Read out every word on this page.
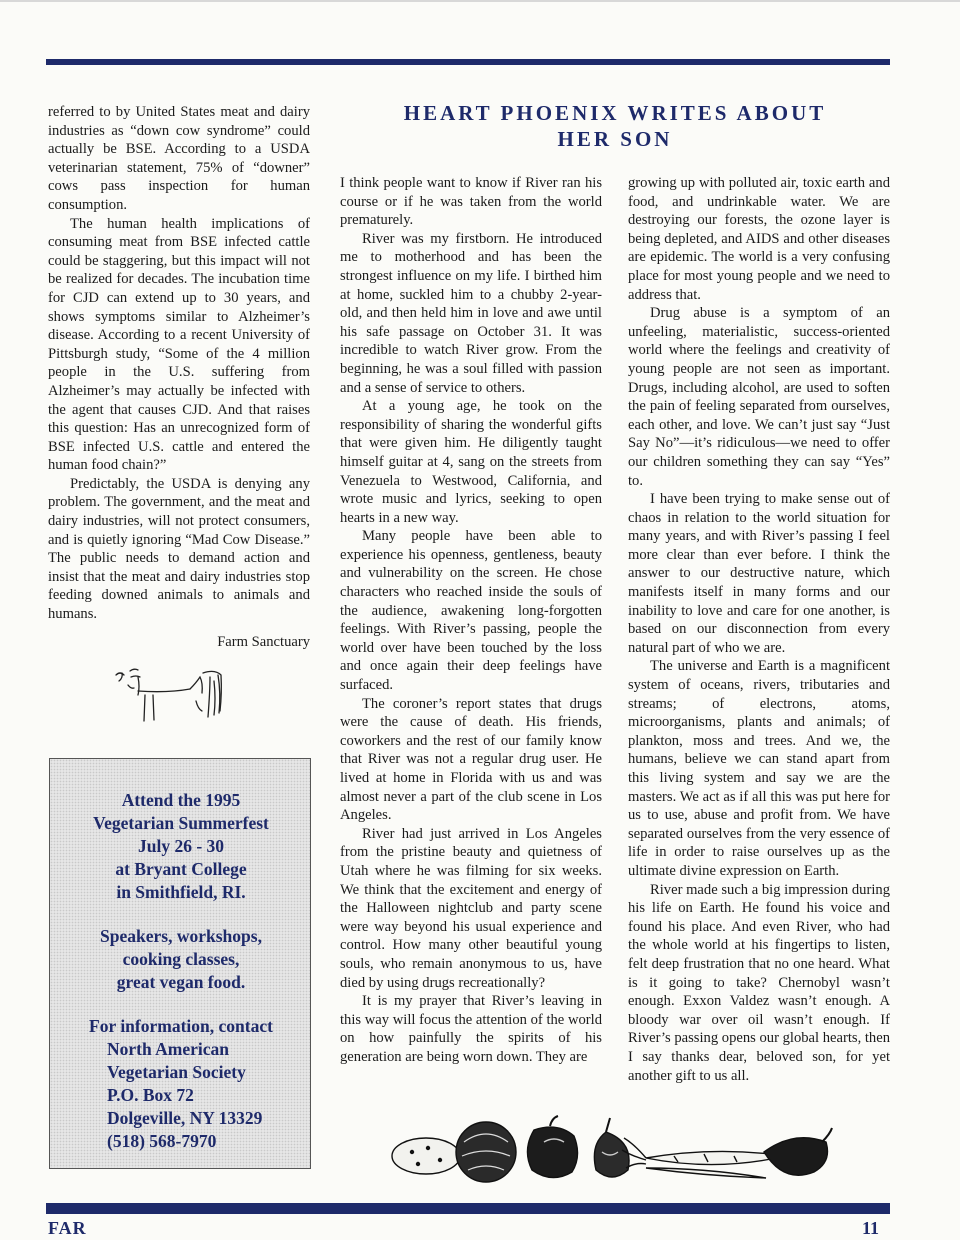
referred to by United States meat and dairy industries as “down cow syndrome” could actually be BSE. According to a USDA veterinarian statement, 75% of “downer” cows pass inspection for human consumption.

The human health implications of consuming meat from BSE infected cattle could be staggering, but this impact will not be realized for decades. The incubation time for CJD can extend up to 30 years, and shows symptoms similar to Alzheimer’s disease. According to a recent University of Pittsburgh study, “Some of the 4 million people in the U.S. suffering from Alzheimer’s may actually be infected with the agent that causes CJD. And that raises this question: Has an unrecognized form of BSE infected U.S. cattle and entered the human food chain?”

Predictably, the USDA is denying any problem. The government, and the meat and dairy industries, will not protect consumers, and is quietly ignoring “Mad Cow Disease.” The public needs to demand action and insist that the meat and dairy industries stop feeding downed animals to animals and humans.

Farm Sanctuary
Attend the 1995
Vegetarian Summerfest
July 26 - 30
at Bryant College
in Smithfield, RI.
Speakers, workshops,
cooking classes,
great vegan food.
For information, contact
North American
Vegetarian Society
P.O. Box 72
Dolgeville, NY 13329
(518) 568-7970
HEART PHOENIX WRITES ABOUT
HER SON

I think people want to know if River ran his course or if he was taken from the world prematurely.

River was my firstborn. He introduced me to motherhood and has been the strongest influence on my life. I birthed him at home, suckled him to a chubby 2-year-old, and then held him in love and awe until his safe passage on October 31. It was incredible to watch River grow. From the beginning, he was a soul filled with passion and a sense of service to others.

At a young age, he took on the responsibility of sharing the wonderful gifts that were given him. He diligently taught himself guitar at 4, sang on the streets from Venezuela to Westwood, California, and wrote music and lyrics, seeking to open hearts in a new way.

Many people have been able to experience his openness, gentleness, beauty and vulnerability on the screen. He chose characters who reached inside the souls of the audience, awakening long-forgotten feelings. With River’s passing, people the world over have been touched by the loss and once again their deep feelings have surfaced.

The coroner’s report states that drugs were the cause of death. His friends, coworkers and the rest of our family know that River was not a regular drug user. He lived at home in Florida with us and was almost never a part of the club scene in Los Angeles.

River had just arrived in Los Angeles from the pristine beauty and quietness of Utah where he was filming for six weeks. We think that the excitement and energy of the Halloween nightclub and party scene were way beyond his usual experience and control. How many other beautiful young souls, who remain anonymous to us, have died by using drugs recreationally?

It is my prayer that River’s leaving in this way will focus the attention of the world on how painfully the spirits of his generation are being worn down. They are

growing up with polluted air, toxic earth and food, and undrinkable water. We are destroying our forests, the ozone layer is being depleted, and AIDS and other diseases are epidemic. The world is a very confusing place for most young people and we need to address that.

Drug abuse is a symptom of an unfeeling, materialistic, success-oriented world where the feelings and creativity of young people are not seen as important. Drugs, including alcohol, are used to soften the pain of feeling separated from ourselves, each other, and love. We can’t just say “Just Say No”—it’s ridiculous—we need to offer our children something they can say “Yes” to.

I have been trying to make sense out of chaos in relation to the world situation for many years, and with River’s passing I feel more clear than ever before. I think the answer to our destructive nature, which manifests itself in many forms and our inability to love and care for one another, is based on our disconnection from every natural part of who we are.

The universe and Earth is a magnificent system of oceans, rivers, tributaries and streams; of electrons, atoms, microorganisms, plants and animals; of plankton, moss and trees. And we, the humans, believe we can stand apart from this living system and say we are the masters. We act as if all this was put here for us to use, abuse and profit from. We have separated ourselves from the very essence of life in order to raise ourselves up as the ultimate divine expression on Earth.

River made such a big impression during his life on Earth. He found his voice and found his place. And even River, who had the whole world at his fingertips to listen, felt deep frustration that no one heard. What is it going to take? Chernobyl wasn’t enough. Exxon Valdez wasn’t enough. A bloody war over oil wasn’t enough. If River’s passing opens our global hearts, then I say thanks dear, beloved son, for yet another gift to us all.

FAR	11
